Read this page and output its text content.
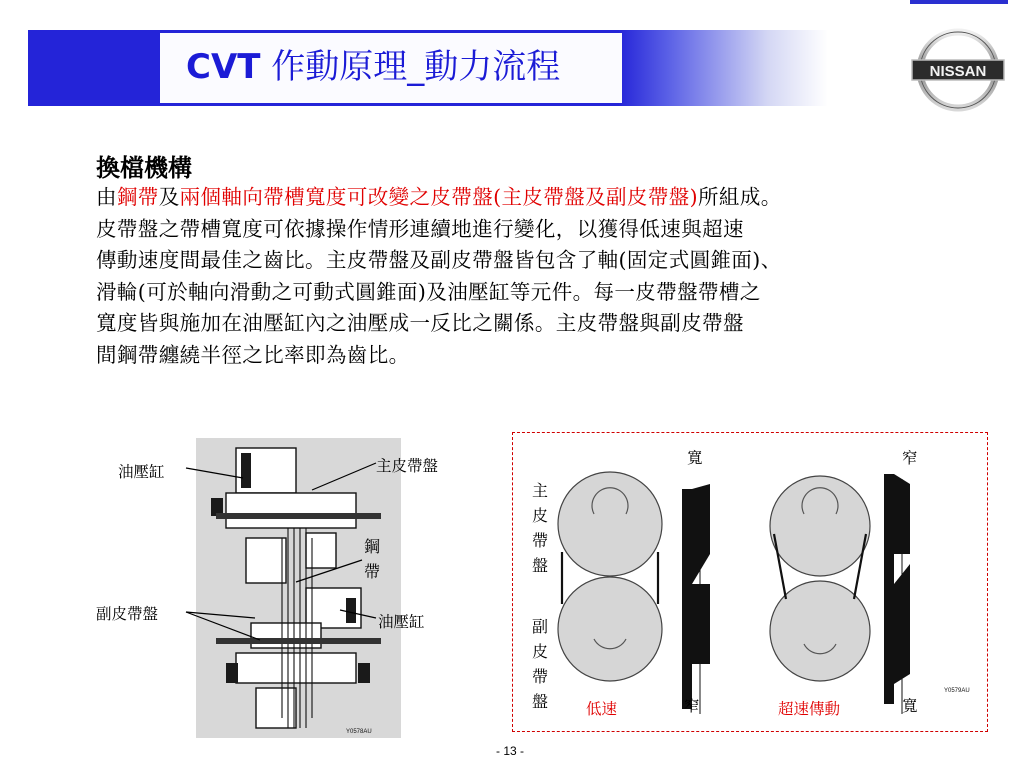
CVT 作動原理_動力流程	NISSAN
換檔機構
由鋼帶及兩個軸向帶槽寬度可改變之皮帶盤(主皮帶盤及副皮帶盤)所組成。
皮帶盤之帶槽寬度可依據操作情形連續地進行變化，以獲得低速與超速
傳動速度間最佳之齒比。主皮帶盤及副皮帶盤皆包含了軸(固定式圓錐面)、
滑輪(可於軸向滑動之可動式圓錐面)及油壓缸等元件。每一皮帶盤帶槽之
寬度皆與施加在油壓缸內之油壓成一反比之關係。主皮帶盤與副皮帶盤
間鋼帶纏繞半徑之比率即為齒比。
Y0578AU
油壓缸	主皮帶盤
鋼帶
副皮帶盤	油壓缸
Y0579AU
主皮帶盤
副皮帶盤
寬	窄
低速	窄	超速傳動	寬
- 13 -
